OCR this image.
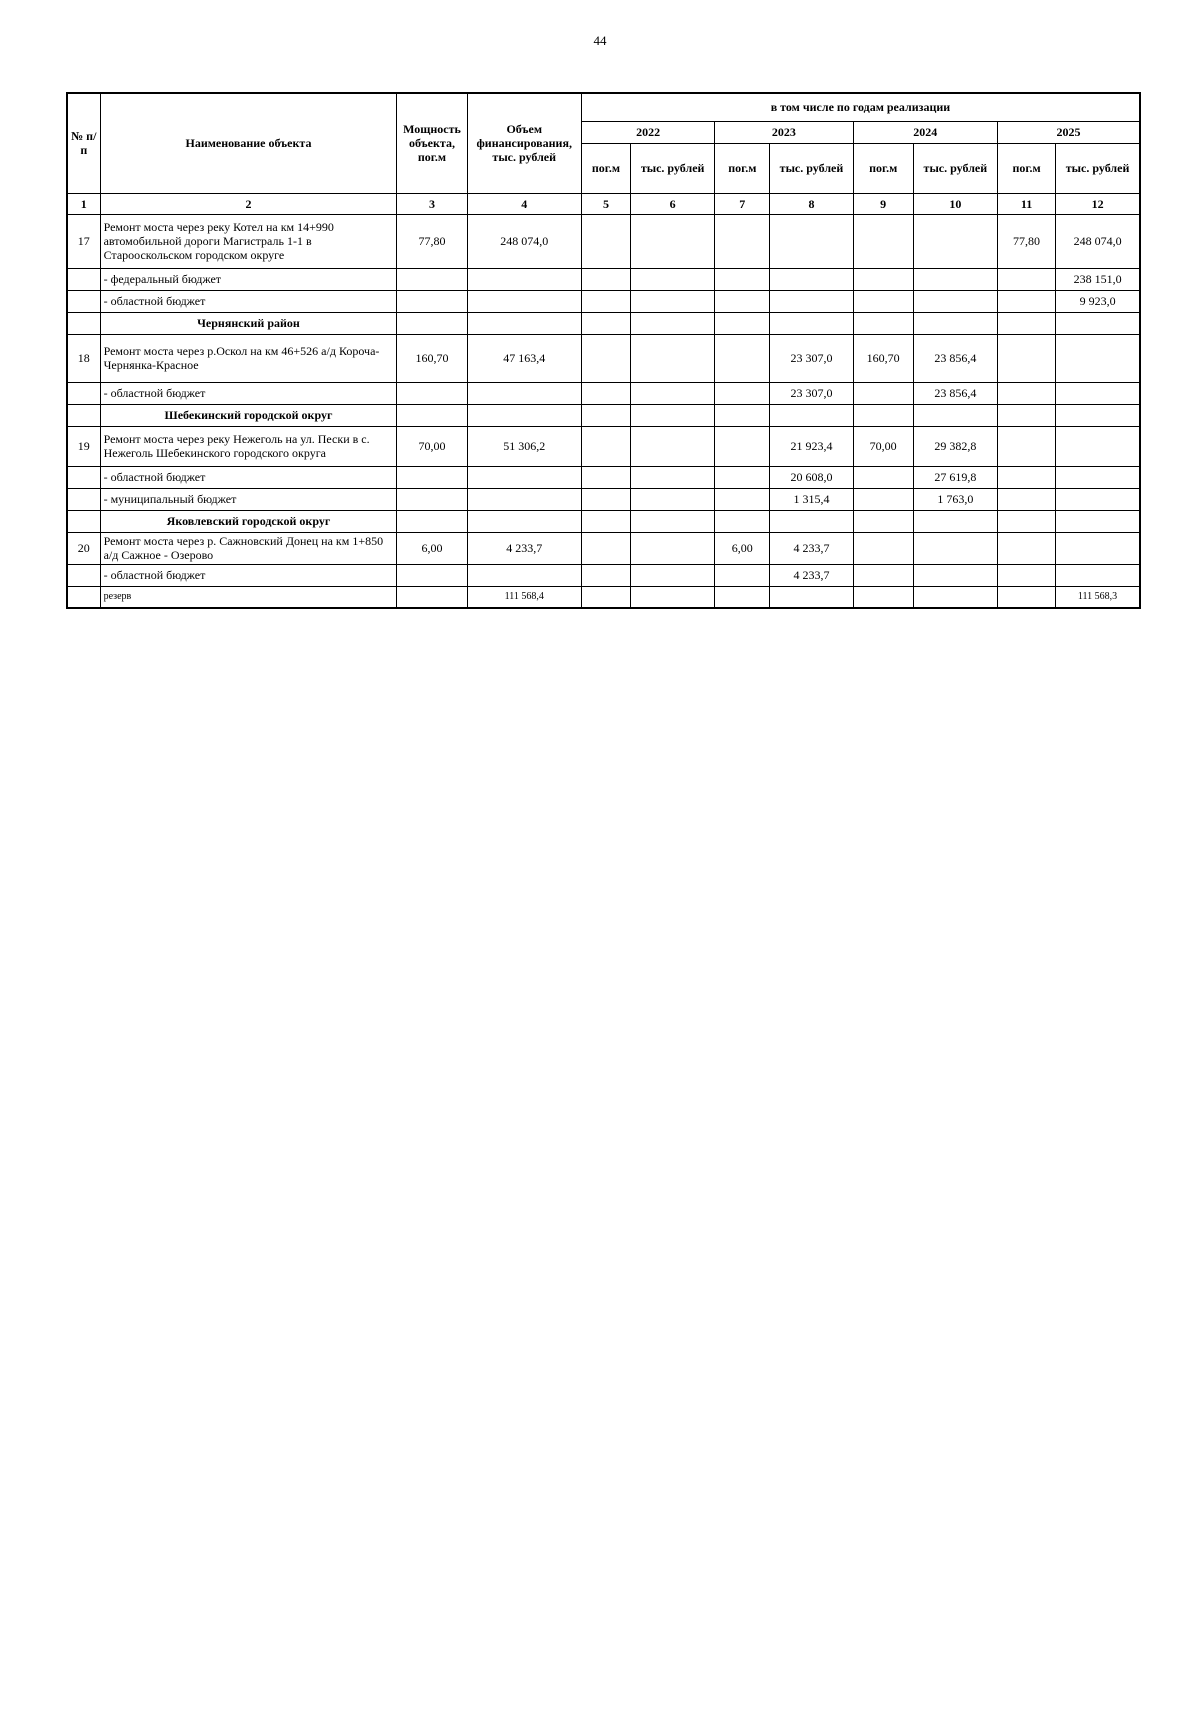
44
№ п/п	Наименование объекта	Мощность объекта, пог.м	Объем финансирования, тыс. рублей	в том числе по годам реализации							
				2022		2023		2024		2025	
				пог.м	тыс. рублей	пог.м	тыс. рублей	пог.м	тыс. рублей	пог.м	тыс. рублей
1	2	3	4	5	6	7	8	9	10	11	12
17	Ремонт моста через реку Котел на км 14+990 автомобильной дороги Магистраль 1-1 в Старооскольском городском округе	77,80	248 074,0							77,80	248 074,0
	- федеральный бюджет										238 151,0
	- областной бюджет										9 923,0
	Чернянский район										
18	Ремонт моста через р.Оскол на км 46+526 а/д Корочa-Чернянка-Красное	160,70	47 163,4				23 307,0	160,70	23 856,4		
	- областной бюджет						23 307,0		23 856,4		
	Шебекинский городской округ										
19	Ремонт моста через реку Нежеголь на ул. Пески в с. Нежеголь Шебекинского городского округа	70,00	51 306,2				21 923,4	70,00	29 382,8		
	- областной бюджет						20 608,0		27 619,8		
	- муниципальный бюджет						1 315,4		1 763,0		
	Яковлевский городской округ										
20	Ремонт моста через р. Сажновский Донец на км 1+850 а/д Сажное - Озерово	6,00	4 233,7			6,00	4 233,7				
	- областной бюджет						4 233,7				
	резерв		111 568,4								111 568,3
